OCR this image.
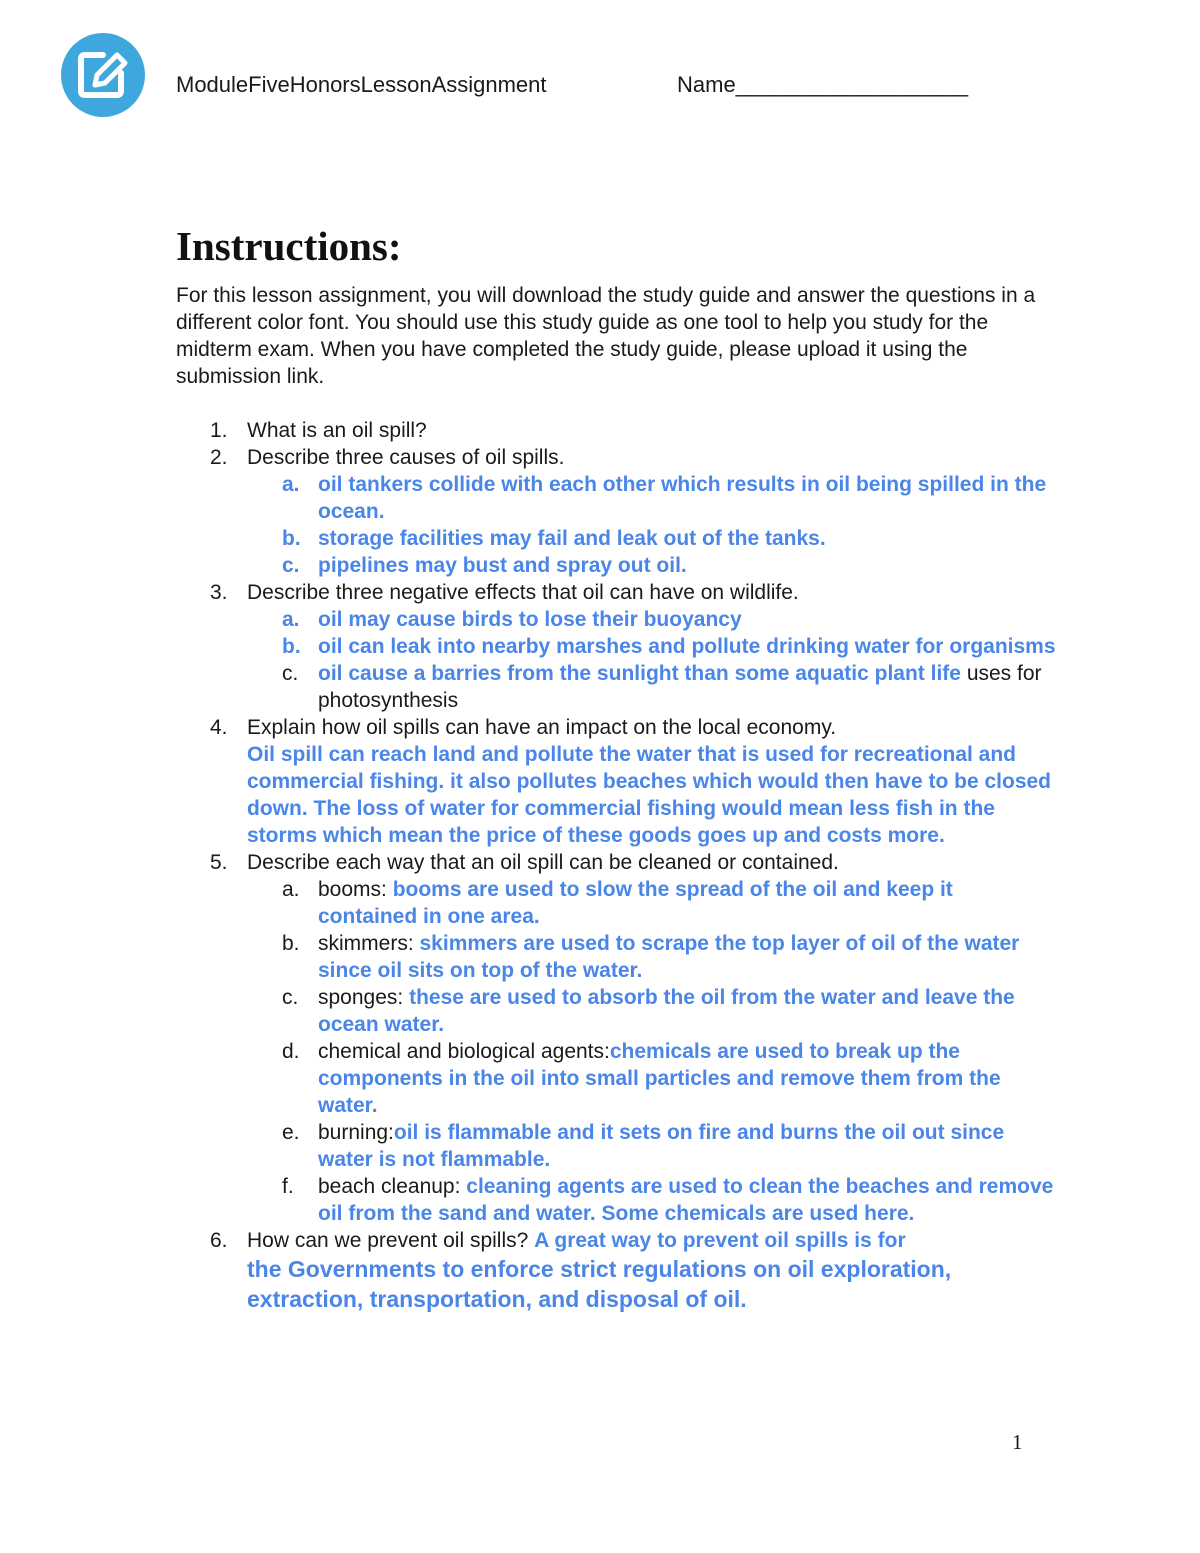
ModuleFiveHonorsLessonAssignment	Name___________________
Instructions:

For this lesson assignment, you will download the study guide and answer the questions in a different color font. You should use this study guide as one tool to help you study for the midterm exam. When you have completed the study guide, please upload it using the submission link.

1. What is an oil spill?
2. Describe three causes of oil spills.
a. oil tankers collide with each other which results in oil being spilled in the ocean.
b. storage facilities may fail and leak out of the tanks.
c. pipelines may bust and spray out oil.
3. Describe three negative effects that oil can have on wildlife.
a. oil may cause birds to lose their buoyancy
b. oil can leak into nearby marshes and pollute drinking water for organisms
c. oil cause a barries from the sunlight than some aquatic plant life uses for photosynthesis
4. Explain how oil spills can have an impact on the local economy.
Oil spill can reach land and pollute the water that is used for recreational and commercial fishing. it also pollutes beaches which would then have to be closed down. The loss of water for commercial fishing would mean less fish in the storms which mean the price of these goods goes up and costs more.
5. Describe each way that an oil spill can be cleaned or contained.
a. booms: booms are used to slow the spread of the oil and keep it contained in one area.
b. skimmers: skimmers are used to scrape the top layer of oil of the water since oil sits on top of the water.
c. sponges: these are used to absorb the oil from the water and leave the ocean water.
d. chemical and biological agents:chemicals are used to break up the components in the oil into small particles and remove them from the water.
e. burning:oil is flammable and it sets on fire and burns the oil out since water is not flammable.
f. beach cleanup: cleaning agents are used to clean the beaches and remove oil from the sand and water. Some chemicals are used here.
6. How can we prevent oil spills? A great way to prevent oil spills is for
the Governments to enforce strict regulations on oil exploration, extraction, transportation, and disposal of oil.
1
